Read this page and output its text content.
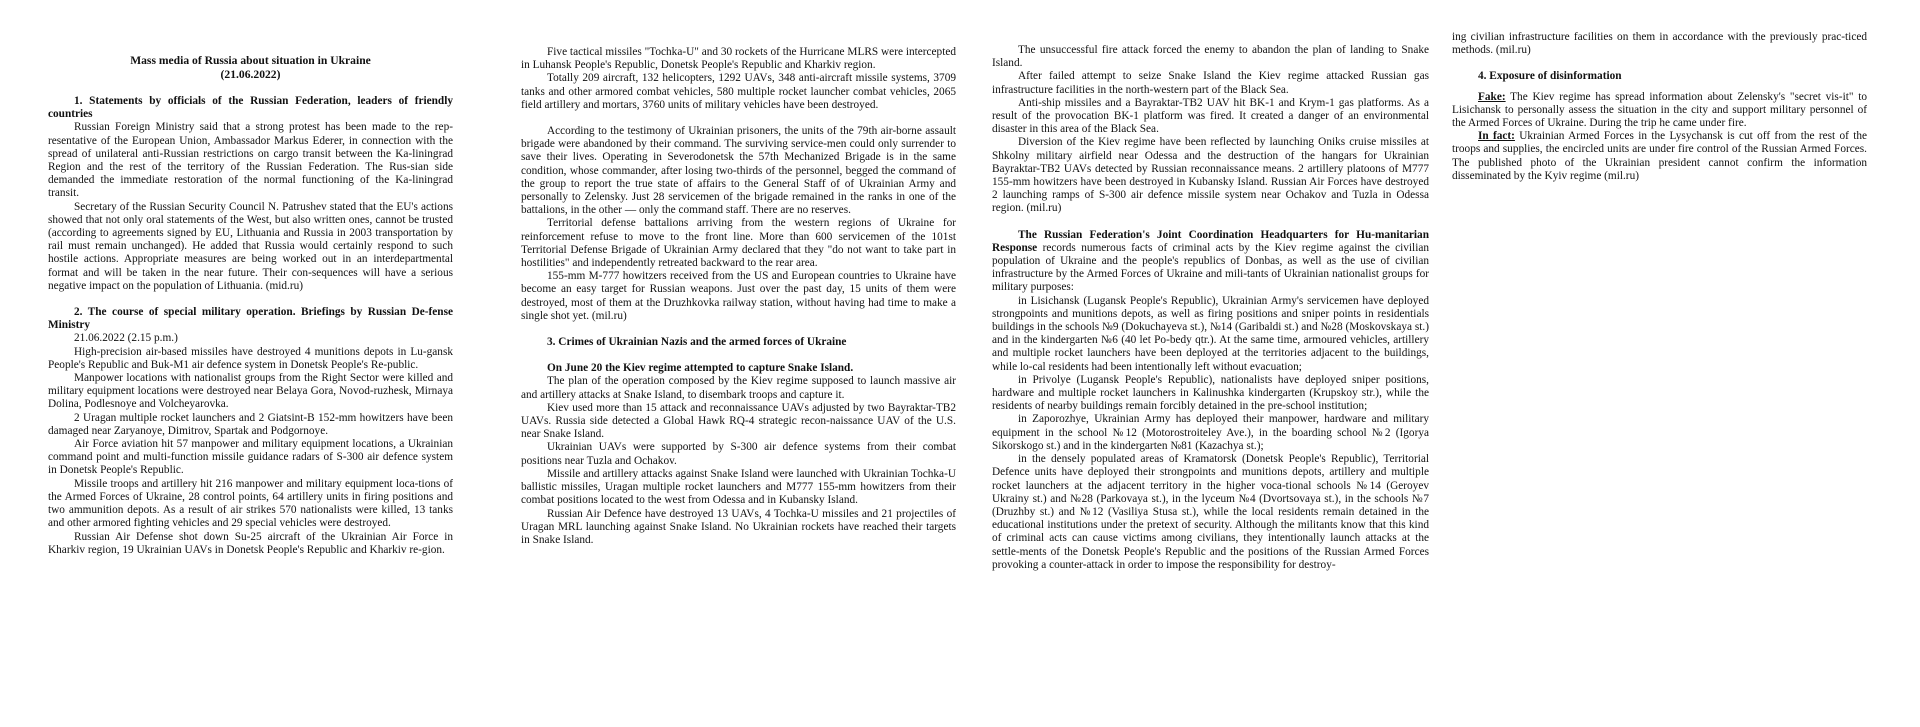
Mass media of Russia about situation in Ukraine

(21.06.2022)

1. Statements by officials of the Russian Federation, leaders of friendly countries

Russian Foreign Ministry said that a strong protest has been made to the rep-resentative of the European Union, Ambassador Markus Ederer, in connection with the spread of unilateral anti-Russian restrictions on cargo transit between the Ka-liningrad Region and the rest of the territory of the Russian Federation. The Rus-sian side demanded the immediate restoration of the normal functioning of the Ka-liningrad transit.

Secretary of the Russian Security Council N. Patrushev stated that the EU's actions showed that not only oral statements of the West, but also written ones, cannot be trusted (according to agreements signed by EU, Lithuania and Russia in 2003 transportation by rail must remain unchanged). He added that Russia would certainly respond to such hostile actions. Appropriate measures are being worked out in an interdepartmental format and will be taken in the near future. Their con-sequences will have a serious negative impact on the population of Lithuania. (mid.ru)

2. The course of special military operation. Briefings by Russian De-fense Ministry

21.06.2022 (2.15 p.m.)

High-precision air-based missiles have destroyed 4 munitions depots in Lu-gansk People's Republic and Buk-M1 air defence system in Donetsk People's Re-public.

Manpower locations with nationalist groups from the Right Sector were killed and military equipment locations were destroyed near Belaya Gora, Novod-ruzhesk, Mirnaya Dolina, Podlesnoye and Volcheyarovka.

2 Uragan multiple rocket launchers and 2 Giatsint-B 152-mm howitzers have been damaged near Zaryanoye, Dimitrov, Spartak and Podgornoye.

Air Force aviation hit 57 manpower and military equipment locations, a Ukrainian command point and multi-function missile guidance radars of S-300 air defence system in Donetsk People's Republic.

Missile troops and artillery hit 216 manpower and military equipment loca-tions of the Armed Forces of Ukraine, 28 control points, 64 artillery units in firing positions and two ammunition depots. As a result of air strikes 570 nationalists were killed, 13 tanks and other armored fighting vehicles and 29 special vehicles were destroyed.

Russian Air Defense shot down Su-25 aircraft of the Ukrainian Air Force in Kharkiv region, 19 Ukrainian UAVs in Donetsk People's Republic and Kharkiv re-gion.

Five tactical missiles "Tochka-U" and 30 rockets of the Hurricane MLRS were intercepted in Luhansk People's Republic, Donetsk People's Republic and Kharkiv region.

Totally 209 aircraft, 132 helicopters, 1292 UAVs, 348 anti-aircraft missile systems, 3709 tanks and other armored combat vehicles, 580 multiple rocket launcher combat vehicles, 2065 field artillery and mortars, 3760 units of military vehicles have been destroyed.

According to the testimony of Ukrainian prisoners, the units of the 79th air-borne assault brigade were abandoned by their command. The surviving service-men could only surrender to save their lives. Operating in Severodonetsk the 57th Mechanized Brigade is in the same condition, whose commander, after losing two-thirds of the personnel, begged the command of the group to report the true state of affairs to the General Staff of of Ukrainian Army and personally to Zelensky. Just 28 servicemen of the brigade remained in the ranks in one of the battalions, in the other — only the command staff. There are no reserves.

Territorial defense battalions arriving from the western regions of Ukraine for reinforcement refuse to move to the front line. More than 600 servicemen of the 101st Territorial Defense Brigade of Ukrainian Army declared that they "do not want to take part in hostilities" and independently retreated backward to the rear area.

155-mm M-777 howitzers received from the US and European countries to Ukraine have become an easy target for Russian weapons. Just over the past day, 15 units of them were destroyed, most of them at the Druzhkovka railway station, without having had time to make a single shot yet. (mil.ru)

3. Crimes of Ukrainian Nazis and the armed forces of Ukraine

On June 20 the Kiev regime attempted to capture Snake Island.

The plan of the operation composed by the Kiev regime supposed to launch massive air and artillery attacks at Snake Island, to disembark troops and capture it.

Kiev used more than 15 attack and reconnaissance UAVs adjusted by two Bayraktar-TB2 UAVs. Russia side detected a Global Hawk RQ-4 strategic recon-naissance UAV of the U.S. near Snake Island.

Ukrainian UAVs were supported by S-300 air defence systems from their combat positions near Tuzla and Ochakov.

Missile and artillery attacks against Snake Island were launched with Ukrainian Tochka-U ballistic missiles, Uragan multiple rocket launchers and M777 155-mm howitzers from their combat positions located to the west from Odessa and in Kubansky Island.

Russian Air Defence have destroyed 13 UAVs, 4 Tochka-U missiles and 21 projectiles of Uragan MRL launching against Snake Island. No Ukrainian rockets have reached their targets in Snake Island.

The unsuccessful fire attack forced the enemy to abandon the plan of landing to Snake Island.

After failed attempt to seize Snake Island the Kiev regime attacked Russian gas infrastructure facilities in the north-western part of the Black Sea.

Anti-ship missiles and a Bayraktar-TB2 UAV hit BK-1 and Krym-1 gas platforms. As a result of the provocation BK-1 platform was fired. It created a danger of an environmental disaster in this area of the Black Sea.

Diversion of the Kiev regime have been reflected by launching Oniks cruise missiles at Shkolny military airfield near Odessa and the destruction of the hangars for Ukrainian Bayraktar-TB2 UAVs detected by Russian reconnaissance means. 2 artillery platoons of M777 155-mm howitzers have been destroyed in Kubansky Island. Russian Air Forces have destroyed 2 launching ramps of S-300 air defence missile system near Ochakov and Tuzla in Odessa region. (mil.ru)

The Russian Federation's Joint Coordination Headquarters for Hu-manitarian Response records numerous facts of criminal acts by the Kiev regime against the civilian population of Ukraine and the people's republics of Donbas, as well as the use of civilian infrastructure by the Armed Forces of Ukraine and mili-tants of Ukrainian nationalist groups for military purposes:

in Lisichansk (Lugansk People's Republic), Ukrainian Army's servicemen have deployed strongpoints and munitions depots, as well as firing positions and sniper points in residentials buildings in the schools №9 (Dokuchayeva st.), №14 (Garibaldi st.) and №28 (Moskovskaya st.) and in the kindergarten №6 (40 let Po-bedy qtr.). At the same time, armoured vehicles, artillery and multiple rocket launchers have been deployed at the territories adjacent to the buildings, while lo-cal residents had been intentionally left without evacuation;

in Privolye (Lugansk People's Republic), nationalists have deployed sniper positions, hardware and multiple rocket launchers in Kalinushka kindergarten (Krupskoy str.), while the residents of nearby buildings remain forcibly detained in the pre-school institution;

in Zaporozhye, Ukrainian Army has deployed their manpower, hardware and military equipment in the school №12 (Motorostroiteley Ave.), in the boarding school №2 (Igorya Sikorskogo st.) and in the kindergarten №81 (Kazachya st.);

in the densely populated areas of Kramatorsk (Donetsk People's Republic), Territorial Defence units have deployed their strongpoints and munitions depots, artillery and multiple rocket launchers at the adjacent territory in the higher voca-tional schools №14 (Geroyev Ukrainy st.) and №28 (Parkovaya st.), in the lyceum №4 (Dvortsovaya st.), in the schools №7 (Druzhby st.) and №12 (Vasiliya Stusa st.), while the local residents remain detained in the educational institutions under the pretext of security. Although the militants know that this kind of criminal acts can cause victims among civilians, they intentionally launch attacks at the settle-ments of the Donetsk People's Republic and the positions of the Russian Armed Forces provoking a counter-attack in order to impose the responsibility for destroy-

ing civilian infrastructure facilities on them in accordance with the previously prac-ticed methods. (mil.ru)

4. Exposure of disinformation

Fake: The Kiev regime has spread information about Zelensky's "secret vis-it" to Lisichansk to personally assess the situation in the city and support military personnel of the Armed Forces of Ukraine. During the trip he came under fire.

In fact: Ukrainian Armed Forces in the Lysychansk is cut off from the rest of the troops and supplies, the encircled units are under fire control of the Russian Armed Forces. The published photo of the Ukrainian president cannot confirm the information disseminated by the Kyiv regime (mil.ru)
